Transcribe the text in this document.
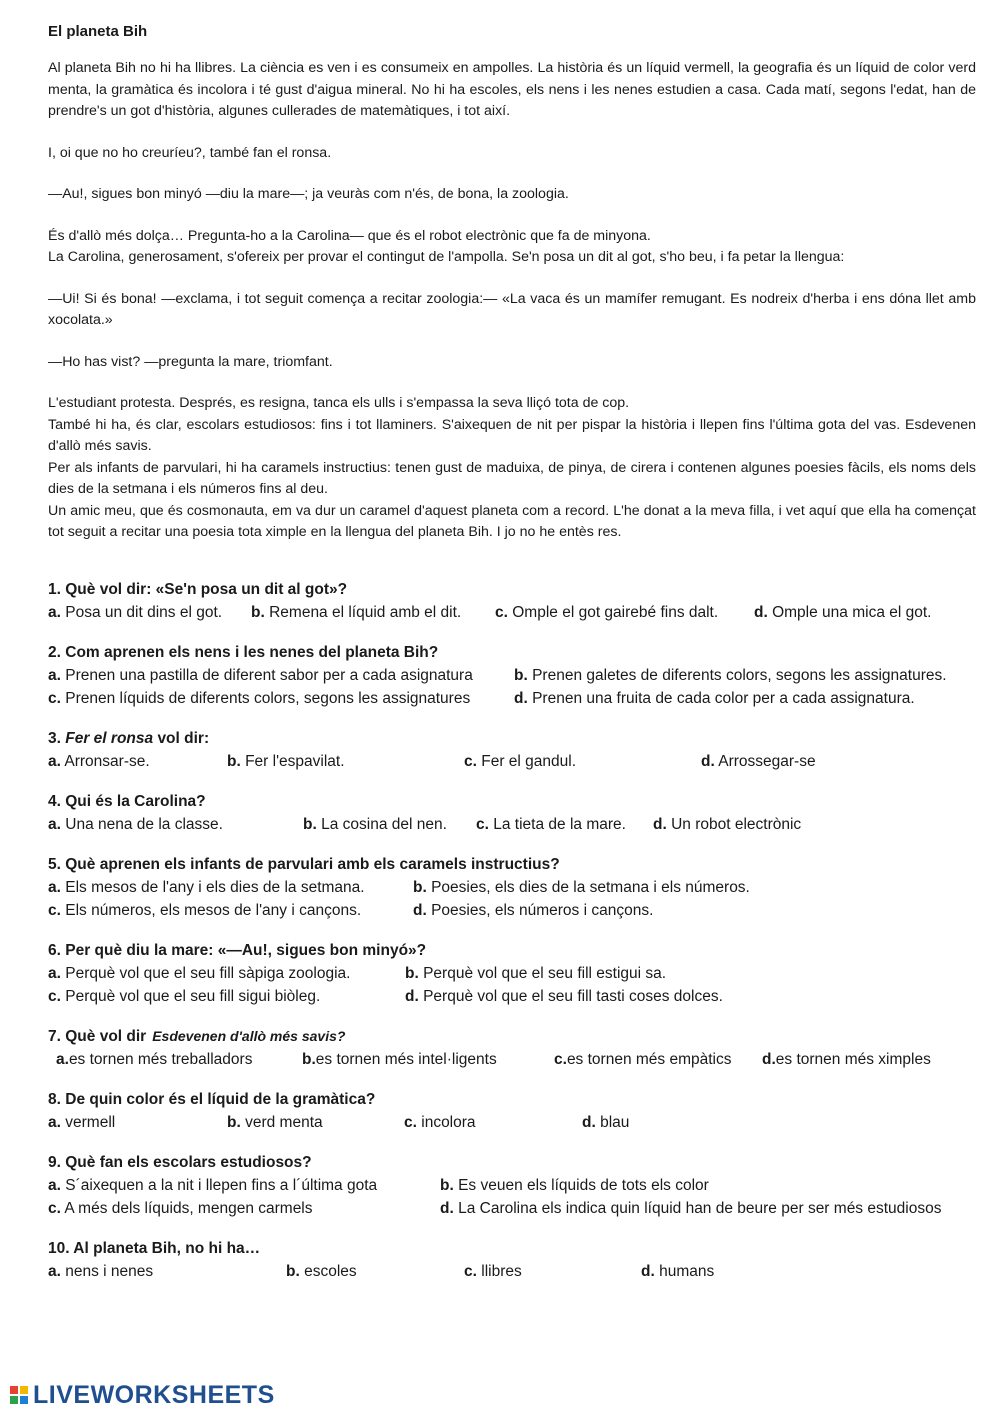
El planeta Bih

Al planeta Bih no hi ha llibres. La ciència es ven i es consumeix en ampolles. La història és un líquid vermell, la geografia és un líquid de color verd menta, la gramàtica és incolora i té gust d'aigua mineral. No hi ha escoles, els nens i les nenes estudien a casa. Cada matí, segons l'edat, han de prendre's un got d'història, algunes cullerades de matemàtiques, i tot així.

I, oi que no ho creuríeu?, també fan el ronsa.

—Au!, sigues bon minyó —diu la mare—; ja veuràs com n'és, de bona, la zoologia.

És d'allò més dolça… Pregunta-ho a la Carolina— que és el robot electrònic que fa de minyona.

La Carolina, generosament, s'ofereix per provar el contingut de l'ampolla. Se'n posa un dit al got, s'ho beu, i fa petar la llengua:

—Ui! Si és bona! —exclama, i tot seguit comença a recitar zoologia:— «La vaca és un mamífer remugant. Es nodreix d'herba i ens dóna llet amb xocolata.»

—Ho has vist? —pregunta la mare, triomfant.

L'estudiant protesta. Després, es resigna, tanca els ulls i s'empassa la seva lliçó tota de cop.

També hi ha, és clar, escolars estudiosos: fins i tot llaminers. S'aixequen de nit per pispar la història i llepen fins l'última gota del vas. Esdevenen d'allò més savis.

Per als infants de parvulari, hi ha caramels instructius: tenen gust de maduixa, de pinya, de cirera i contenen algunes poesies fàcils, els noms dels dies de la setmana i els números fins al deu.

Un amic meu, que és cosmonauta, em va dur un caramel d'aquest planeta com a record. L'he donat a la meva filla, i vet aquí que ella ha començat tot seguit a recitar una poesia tota ximple en la llengua del planeta Bih. I jo no he entès res.

1. Què vol dir: «Se'n posa un dit al got»?
a. Posa un dit dins el got. b. Remena el líquid amb el dit. c. Omple el got gairebé fins dalt. d. Omple una mica el got.
2. Com aprenen els nens i les nenes del planeta Bih?
a. Prenen una pastilla de diferent sabor per a cada asignatura	b. Prenen galetes de diferents colors, segons les assignatures.
c. Prenen líquids de diferents colors, segons les assignatures	d. Prenen una fruita de cada color per a cada assignatura.
3. Fer el ronsa vol dir:
a. Arronsar-se.	b. Fer l'espavilat.	c. Fer el gandul.	d. Arrossegar-se
4. Qui és la Carolina?
a. Una nena de la classe.	b. La cosina del nen. c. La tieta de la mare. d. Un robot electrònic
5. Què aprenen els infants de parvulari amb els caramels instructius?
a. Els mesos de l'any i els dies de la setmana.	b. Poesies, els dies de la setmana i els números.
c. Els números, els mesos de l'any i cançons.	d. Poesies, els números i cançons.
6. Per què diu la mare: «—Au!, sigues bon minyó»?
a. Perquè vol que el seu fill sàpiga zoologia.	b. Perquè vol que el seu fill estigui sa.
c. Perquè vol que el seu fill sigui biòleg.	d. Perquè vol que el seu fill tasti coses dolces.
7. Què vol dir Esdevenen d'allò més savis?
a.es tornen més treballadors	b.es tornen més intel·ligents	c.es tornen més empàtics d.es tornen més ximples
8. De quin color és el líquid de la gramàtica?
a. vermell	b. verd menta	c. incolora	d. blau
9. Què fan els escolars estudiosos?
a. S´aixequen a la nit i llepen fins a l´última gota	b. Es veuen els líquids de tots els color
c. A més dels líquids, mengen carmels	d. La Carolina els indica quin líquid han de beure per ser més estudiosos
10. Al planeta Bih, no hi ha…
a. nens i nenes	b. escoles	c. llibres	d. humans
LIVEWORKSHEETS
